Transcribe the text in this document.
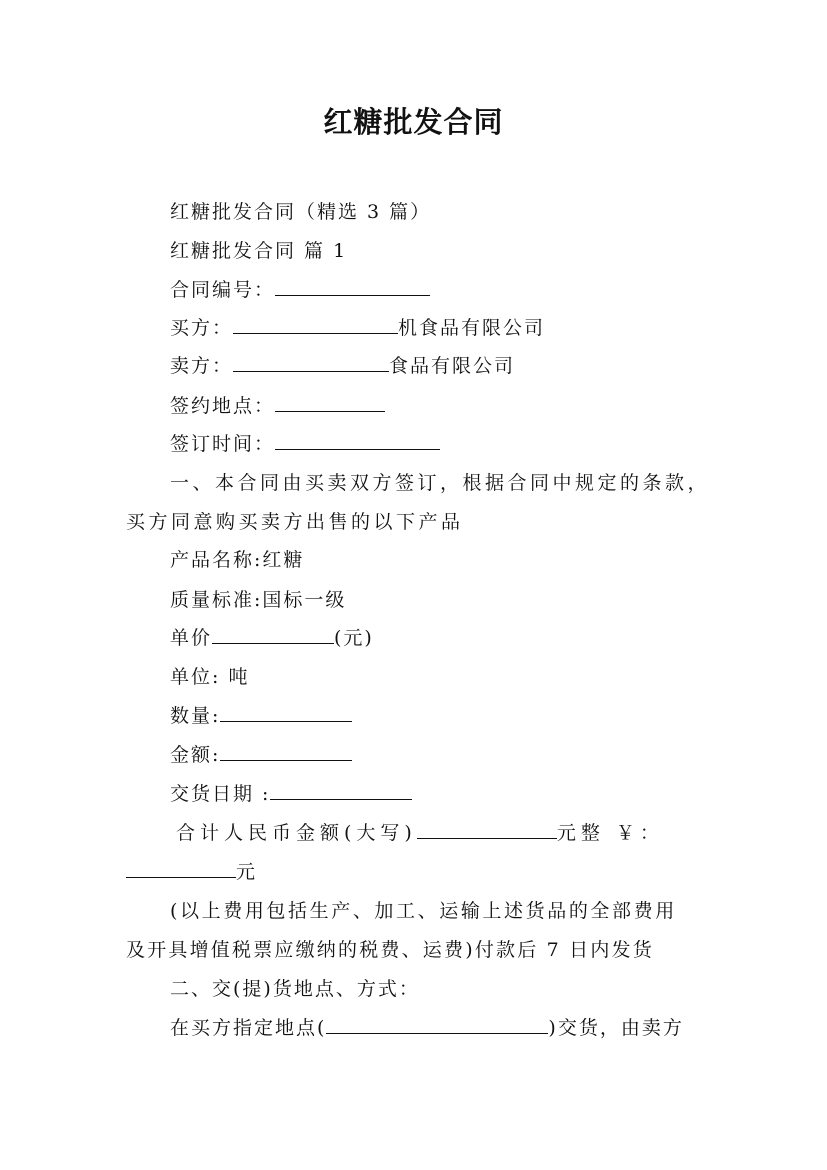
红糖批发合同
红糖批发合同（精选 3 篇）
红糖批发合同 篇 1
合同编号：
买方：	机食品有限公司
卖方：	食品有限公司
签约地点：
签订时间：
一、本合同由买卖双方签订，根据合同中规定的条款，
买方同意购买卖方出售的以下产品
产品名称:红糖
质量标准:国标一级
单价	(元)
单位: 吨
数量:
金额:
交货日期 :
合计人民币金额(大写)	元整 ￥：
元
(以上费用包括生产、加工、运输上述货品的全部费用
及开具增值税票应缴纳的税费、运费)付款后 7 日内发货
二、交(提)货地点、方式：
在买方指定地点(	)交货，由卖方
